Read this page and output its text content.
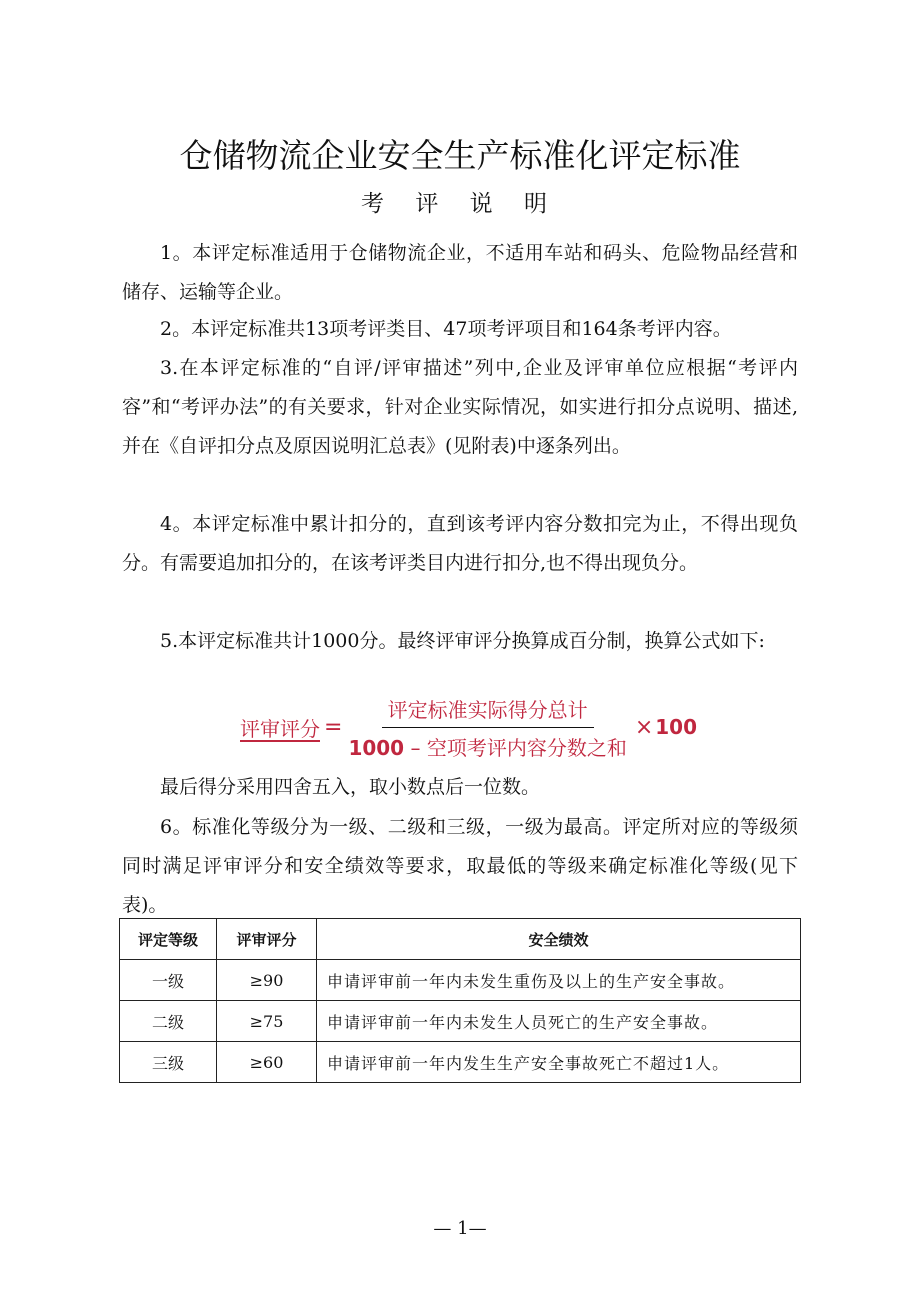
仓储物流企业安全生产标准化评定标准
考 评 说 明

1。本评定标准适用于仓储物流企业，不适用车站和码头、危险物品经营和储存、运输等企业。

2。本评定标准共13项考评类目、47项考评项目和164条考评内容。

3.在本评定标准的“自评/评审描述”列中,企业及评审单位应根据“考评内容”和“考评办法”的有关要求，针对企业实际情况，如实进行扣分点说明、描述,并在《自评扣分点及原因说明汇总表》(见附表)中逐条列出。

4。本评定标准中累计扣分的，直到该考评内容分数扣完为止，不得出现负分。有需要追加扣分的，在该考评类目内进行扣分,也不得出现负分。

5.本评定标准共计1000分。最终评审评分换算成百分制，换算公式如下:

评审评分 = $\frac{\text{评定标准实际得分总计}}{\text{1000 – 空项考评内容分数之和}} \times 100$

最后得分采用四舍五入，取小数点后一位数。

6。标准化等级分为一级、二级和三级，一级为最高。评定所对应的等级须同时满足评审评分和安全绩效等要求，取最低的等级来确定标准化等级(见下表)。

评定等级	评审评分	安全绩效
一级	≥90	申请评审前一年内未发生重伤及以上的生产安全事故。
二级	≥75	申请评审前一年内未发生人员死亡的生产安全事故。
三级	≥60	申请评审前一年内发生生产安全事故死亡不超过1人。
— 1—
